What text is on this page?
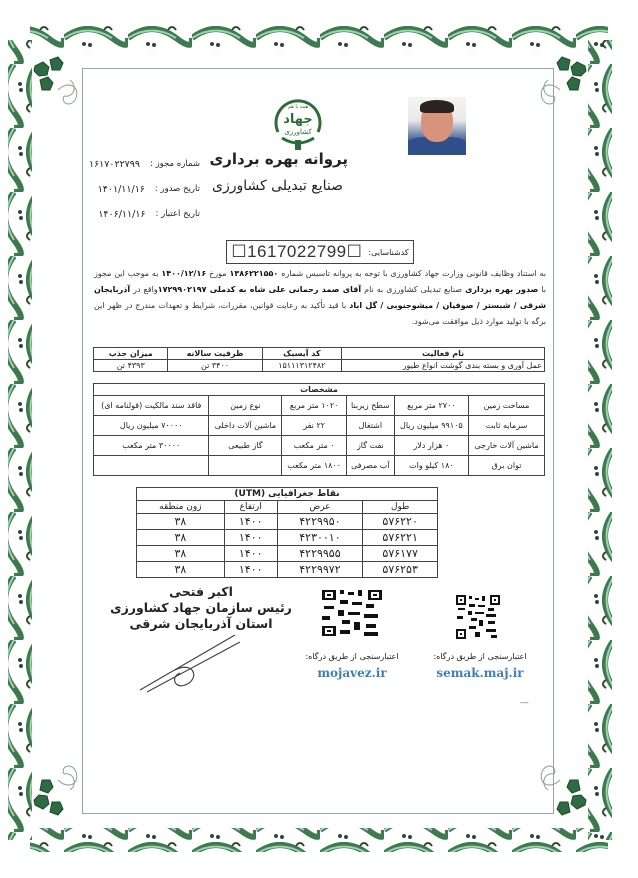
همه با هم
جهاد
کشاورزی
پروانه بهره برداری
صنایع تبدیلی کشاورزی
شماره مجوز :
۱۶۱۷۰۲۲۷۹۹
تاریخ صدور :
۱۴۰۱/۱۱/۱۶
تاریخ اعتبار :
۱۴۰۶/۱۱/۱۶
کدشناسایی:
☐1617022799☐
به استناد وظایف قانونی وزارت جهاد کشاورزی با توجه به پروانه تاسیس شماره ۱۳۸۶۲۲۱۵۵۰ مورخ ۱۴۰۰/۱۲/۱۶ به موجب این مجوز با صدور بهره برداری صنایع تبدیلی کشاورزی به نام آقای صمد رحمانی علی شاه به کدملی ۱۷۲۹۹۰۲۱۹۷واقع در آذربایجان شرقی / شبستر / صوفیان / میشوجنوبی / گل اباد با قید تأکید به رعایت قوانین، مقررات، شرایط و تعهدات مندرج در ظهر این برگه با تولید موارد ذیل موافقت می‌شود.
نام فعالیت	کد آیسیک	ظرفیت سالانه	میزان جذب
عمل آوری و بسته بندی گوشت انواع طیور	۱۵۱۱۱۳۱۲۴۸۲	۳۴۰۰ تن	۴۳۹۳ تن
مشخصات					
مساحت زمین	۲۷۰۰ متر مربع	سطح زیربنا	۱۰۲۰ متر مربع	نوع زمین	فاقد سند مالکیت (قولنامه ای)
سرمایه ثابت	۹۹۱۰۵ میلیون ریال	اشتغال	۲۲ نفر	ماشین آلات داخلی	۷۰۰۰۰ میلیون ریال
ماشین آلات خارجی	۰ هزار دلار	نفت گاز	۰ متر مکعب	گاز طبیعی	۳۰۰۰۰ متر مکعب
توان برق	۱۸۰ کیلو وات	آب مصرفی	۱۸۰۰ متر مکعب		
نقاط جغرافیایی (UTM)			
طول	عرض	ارتفاع	زون منطقه
۵۷۶۲۲۰	۴۲۲۹۹۵۰	۱۴۰۰	۳۸
۵۷۶۲۲۱	۴۲۳۰۰۱۰	۱۴۰۰	۳۸
۵۷۶۱۷۷	۴۲۲۹۹۵۵	۱۴۰۰	۳۸
۵۷۶۲۵۳	۴۲۲۹۹۷۲	۱۴۰۰	۳۸
اکبر فتحی
رئیس سازمان جهاد کشاورزی استان آذربایجان شرقی
اعتبارسنجی از طریق درگاه:
mojavez.ir
اعتبارسنجی از طریق درگاه:
semak.maj.ir
---
